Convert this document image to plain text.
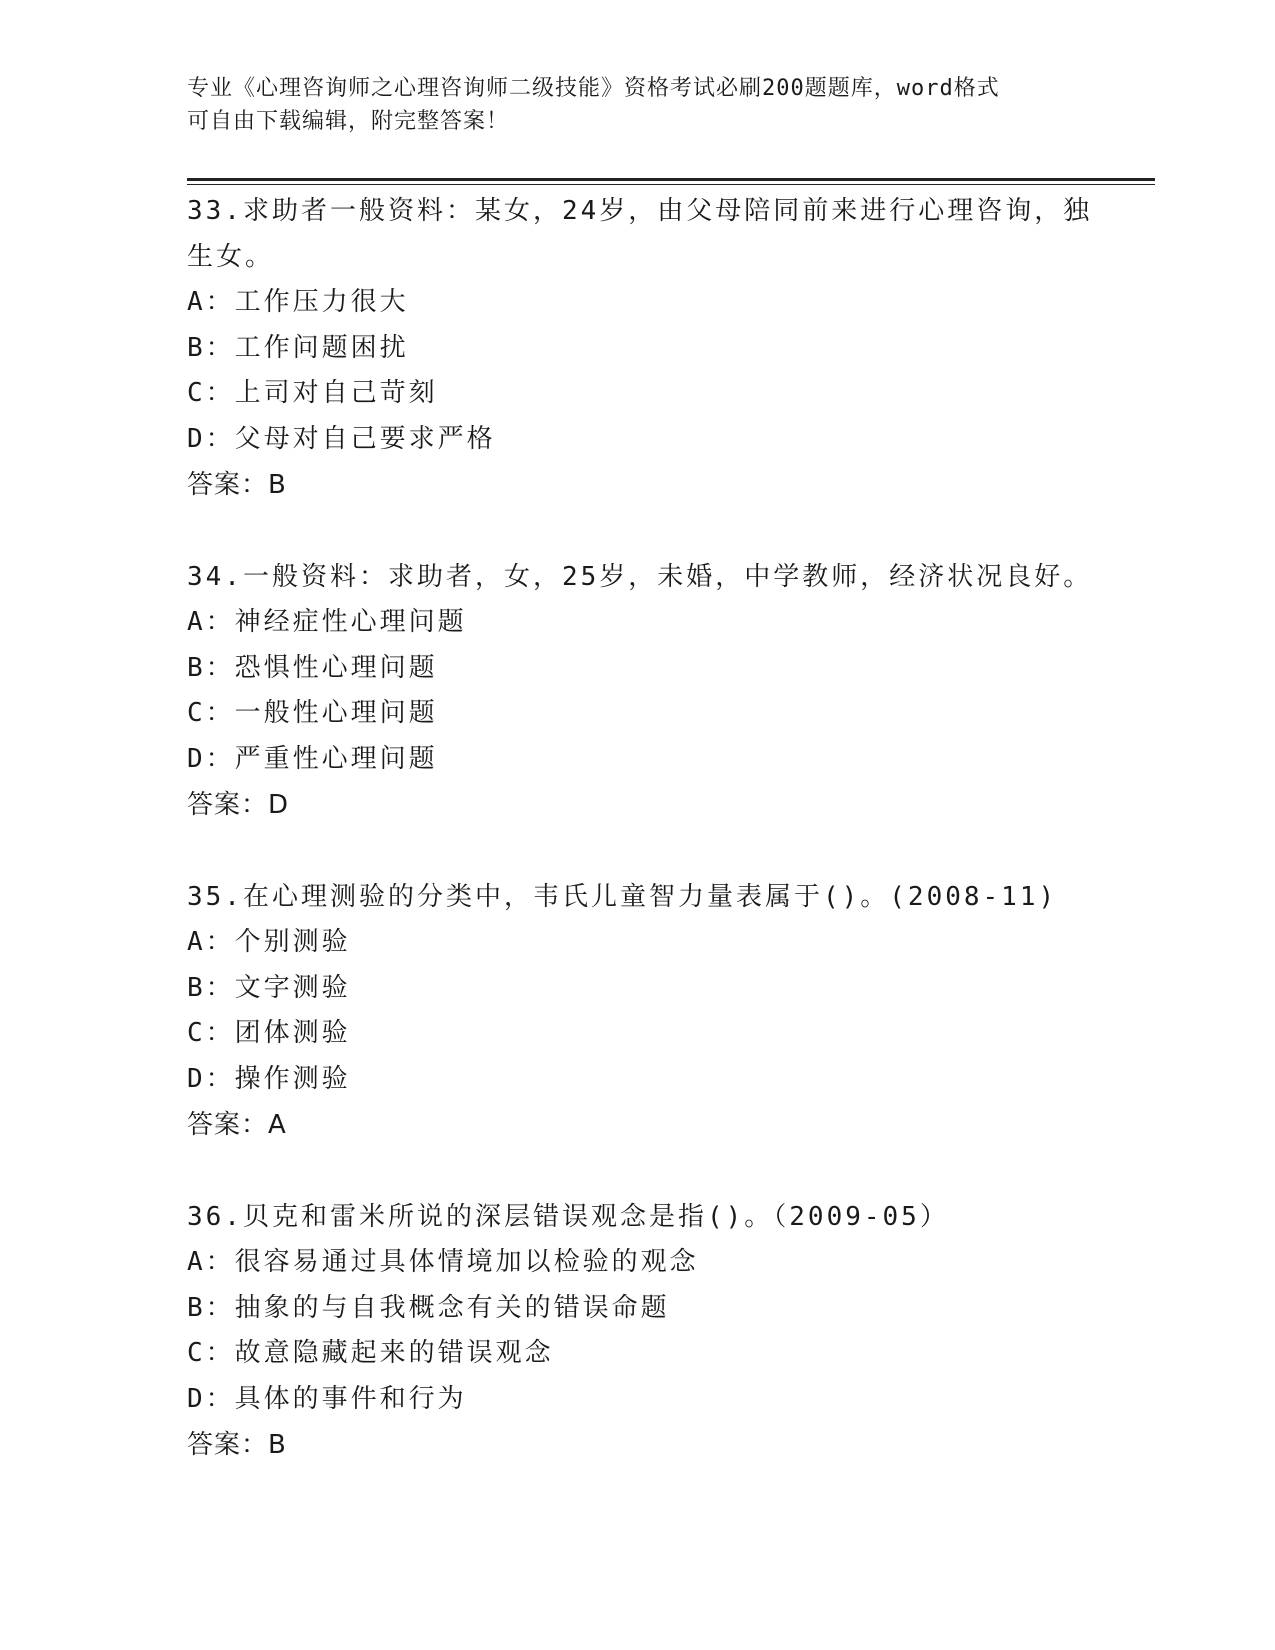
专业《心理咨询师之心理咨询师二级技能》资格考试必刷200题题库，word格式
可自由下载编辑，附完整答案！
33.求助者一般资料：某女，24岁，由父母陪同前来进行心理咨询，独
生女。
A：工作压力很大
B：工作问题困扰
C：上司对自己苛刻
D：父母对自己要求严格
答案：B
34.一般资料：求助者，女，25岁，未婚，中学教师，经济状况良好。
A：神经症性心理问题
B：恐惧性心理问题
C：一般性心理问题
D：严重性心理问题
答案：D
35.在心理测验的分类中，韦氏儿童智力量表属于()。(2008-11)
A：个别测验
B：文字测验
C：团体测验
D：操作测验
答案：A
36.贝克和雷米所说的深层错误观念是指()。（2009-05）
A：很容易通过具体情境加以检验的观念
B：抽象的与自我概念有关的错误命题
C：故意隐藏起来的错误观念
D：具体的事件和行为
答案：B
